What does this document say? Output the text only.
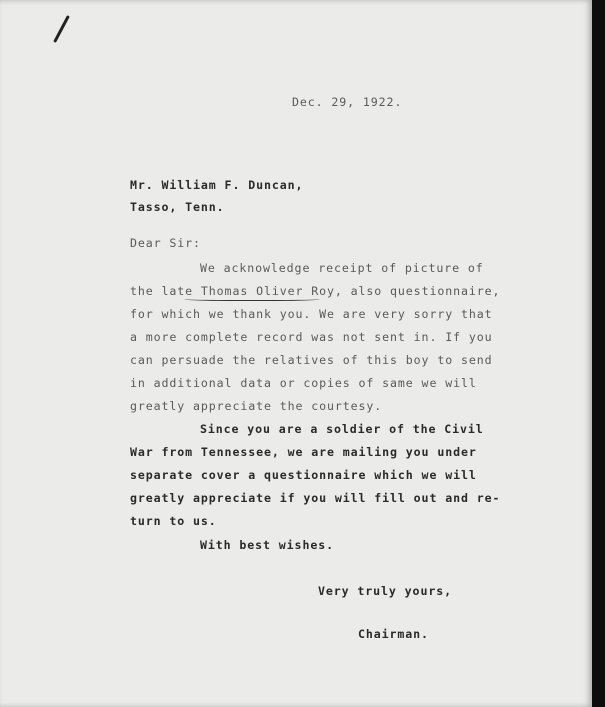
Dec. 29, 1922.
Mr. William F. Duncan,
Tasso, Tenn.
Dear Sir:
We acknowledge receipt of picture of
the late Thomas Oliver Roy, also questionnaire,
for which we thank you. We are very sorry that
a more complete record was not sent in. If you
can persuade the relatives of this boy to send
in additional data or copies of same we will
greatly appreciate the courtesy.
Since you are a soldier of the Civil
War from Tennessee, we are mailing you under
separate cover a questionnaire which we will
greatly appreciate if you will fill out and re-
turn to us.
With best wishes.
Very truly yours,
Chairman.
